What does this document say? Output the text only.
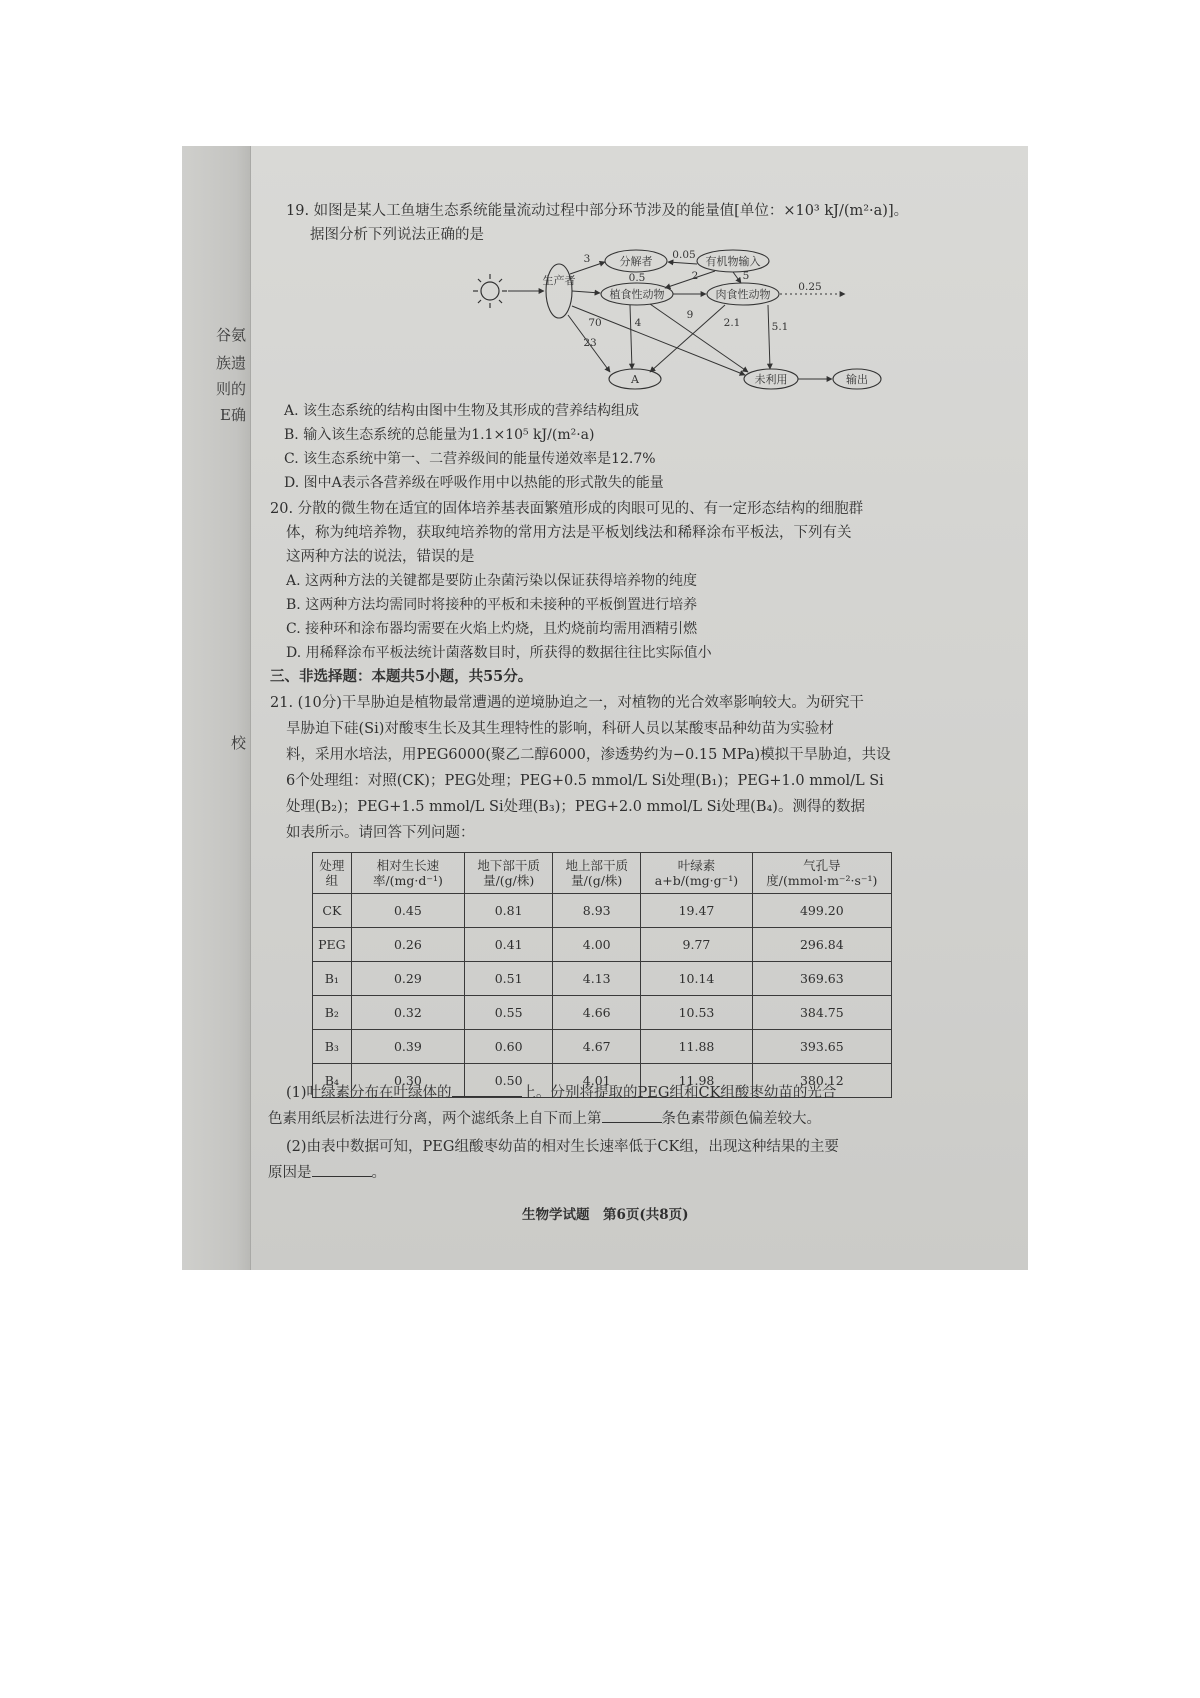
谷氨
族遗
则的
E确
校
19. 如图是某人工鱼塘生态系统能量流动过程中部分环节涉及的能量值[单位：×10³ kJ/(m²·a)]。
据图分析下列说法正确的是
生产者
分解者	有机物输入
植食性动物	肉食性动物
A	未利用	输出
3	0.05
0.5	2	5
0.25
70	4
9
2.1	5.1
23
A. 该生态系统的结构由图中生物及其形成的营养结构组成
B. 输入该生态系统的总能量为1.1×10⁵ kJ/(m²·a)
C. 该生态系统中第一、二营养级间的能量传递效率是12.7%
D. 图中A表示各营养级在呼吸作用中以热能的形式散失的能量
20. 分散的微生物在适宜的固体培养基表面繁殖形成的肉眼可见的、有一定形态结构的细胞群
体，称为纯培养物，获取纯培养物的常用方法是平板划线法和稀释涂布平板法，下列有关
这两种方法的说法，错误的是
A. 这两种方法的关键都是要防止杂菌污染以保证获得培养物的纯度
B. 这两种方法均需同时将接种的平板和未接种的平板倒置进行培养
C. 接种环和涂布器均需要在火焰上灼烧，且灼烧前均需用酒精引燃
D. 用稀释涂布平板法统计菌落数目时，所获得的数据往往比实际值小
三、非选择题：本题共5小题，共55分。
21. (10分)干旱胁迫是植物最常遭遇的逆境胁迫之一，对植物的光合效率影响较大。为研究干
旱胁迫下硅(Si)对酸枣生长及其生理特性的影响，科研人员以某酸枣品种幼苗为实验材
料，采用水培法，用PEG6000(聚乙二醇6000，渗透势约为−0.15 MPa)模拟干旱胁迫，共设
6个处理组：对照(CK)；PEG处理；PEG+0.5 mmol/L Si处理(B₁)；PEG+1.0 mmol/L Si
处理(B₂)；PEG+1.5 mmol/L Si处理(B₃)；PEG+2.0 mmol/L Si处理(B₄)。测得的数据
如表所示。请回答下列问题：
处理组	相对生长速率/(mg·d⁻¹)	地下部干质量/(g/株)	地上部干质量/(g/株)	叶绿素a+b/(mg·g⁻¹)	气孔导度/(mmol·m⁻²·s⁻¹)
CK	0.45	0.81	8.93	19.47	499.20
PEG	0.26	0.41	4.00	9.77	296.84
B₁	0.29	0.51	4.13	10.14	369.63
B₂	0.32	0.55	4.66	10.53	384.75
B₃	0.39	0.60	4.67	11.88	393.65
B₄	0.30	0.50	4.01	11.98	380.12
(1)叶绿素分布在叶绿体的	上。分别将提取的PEG组和CK组酸枣幼苗的光合
色素用纸层析法进行分离，两个滤纸条上自下而上第	条色素带颜色偏差较大。
(2)由表中数据可知，PEG组酸枣幼苗的相对生长速率低于CK组，出现这种结果的主要
原因是	。
生物学试题　第6页(共8页)
